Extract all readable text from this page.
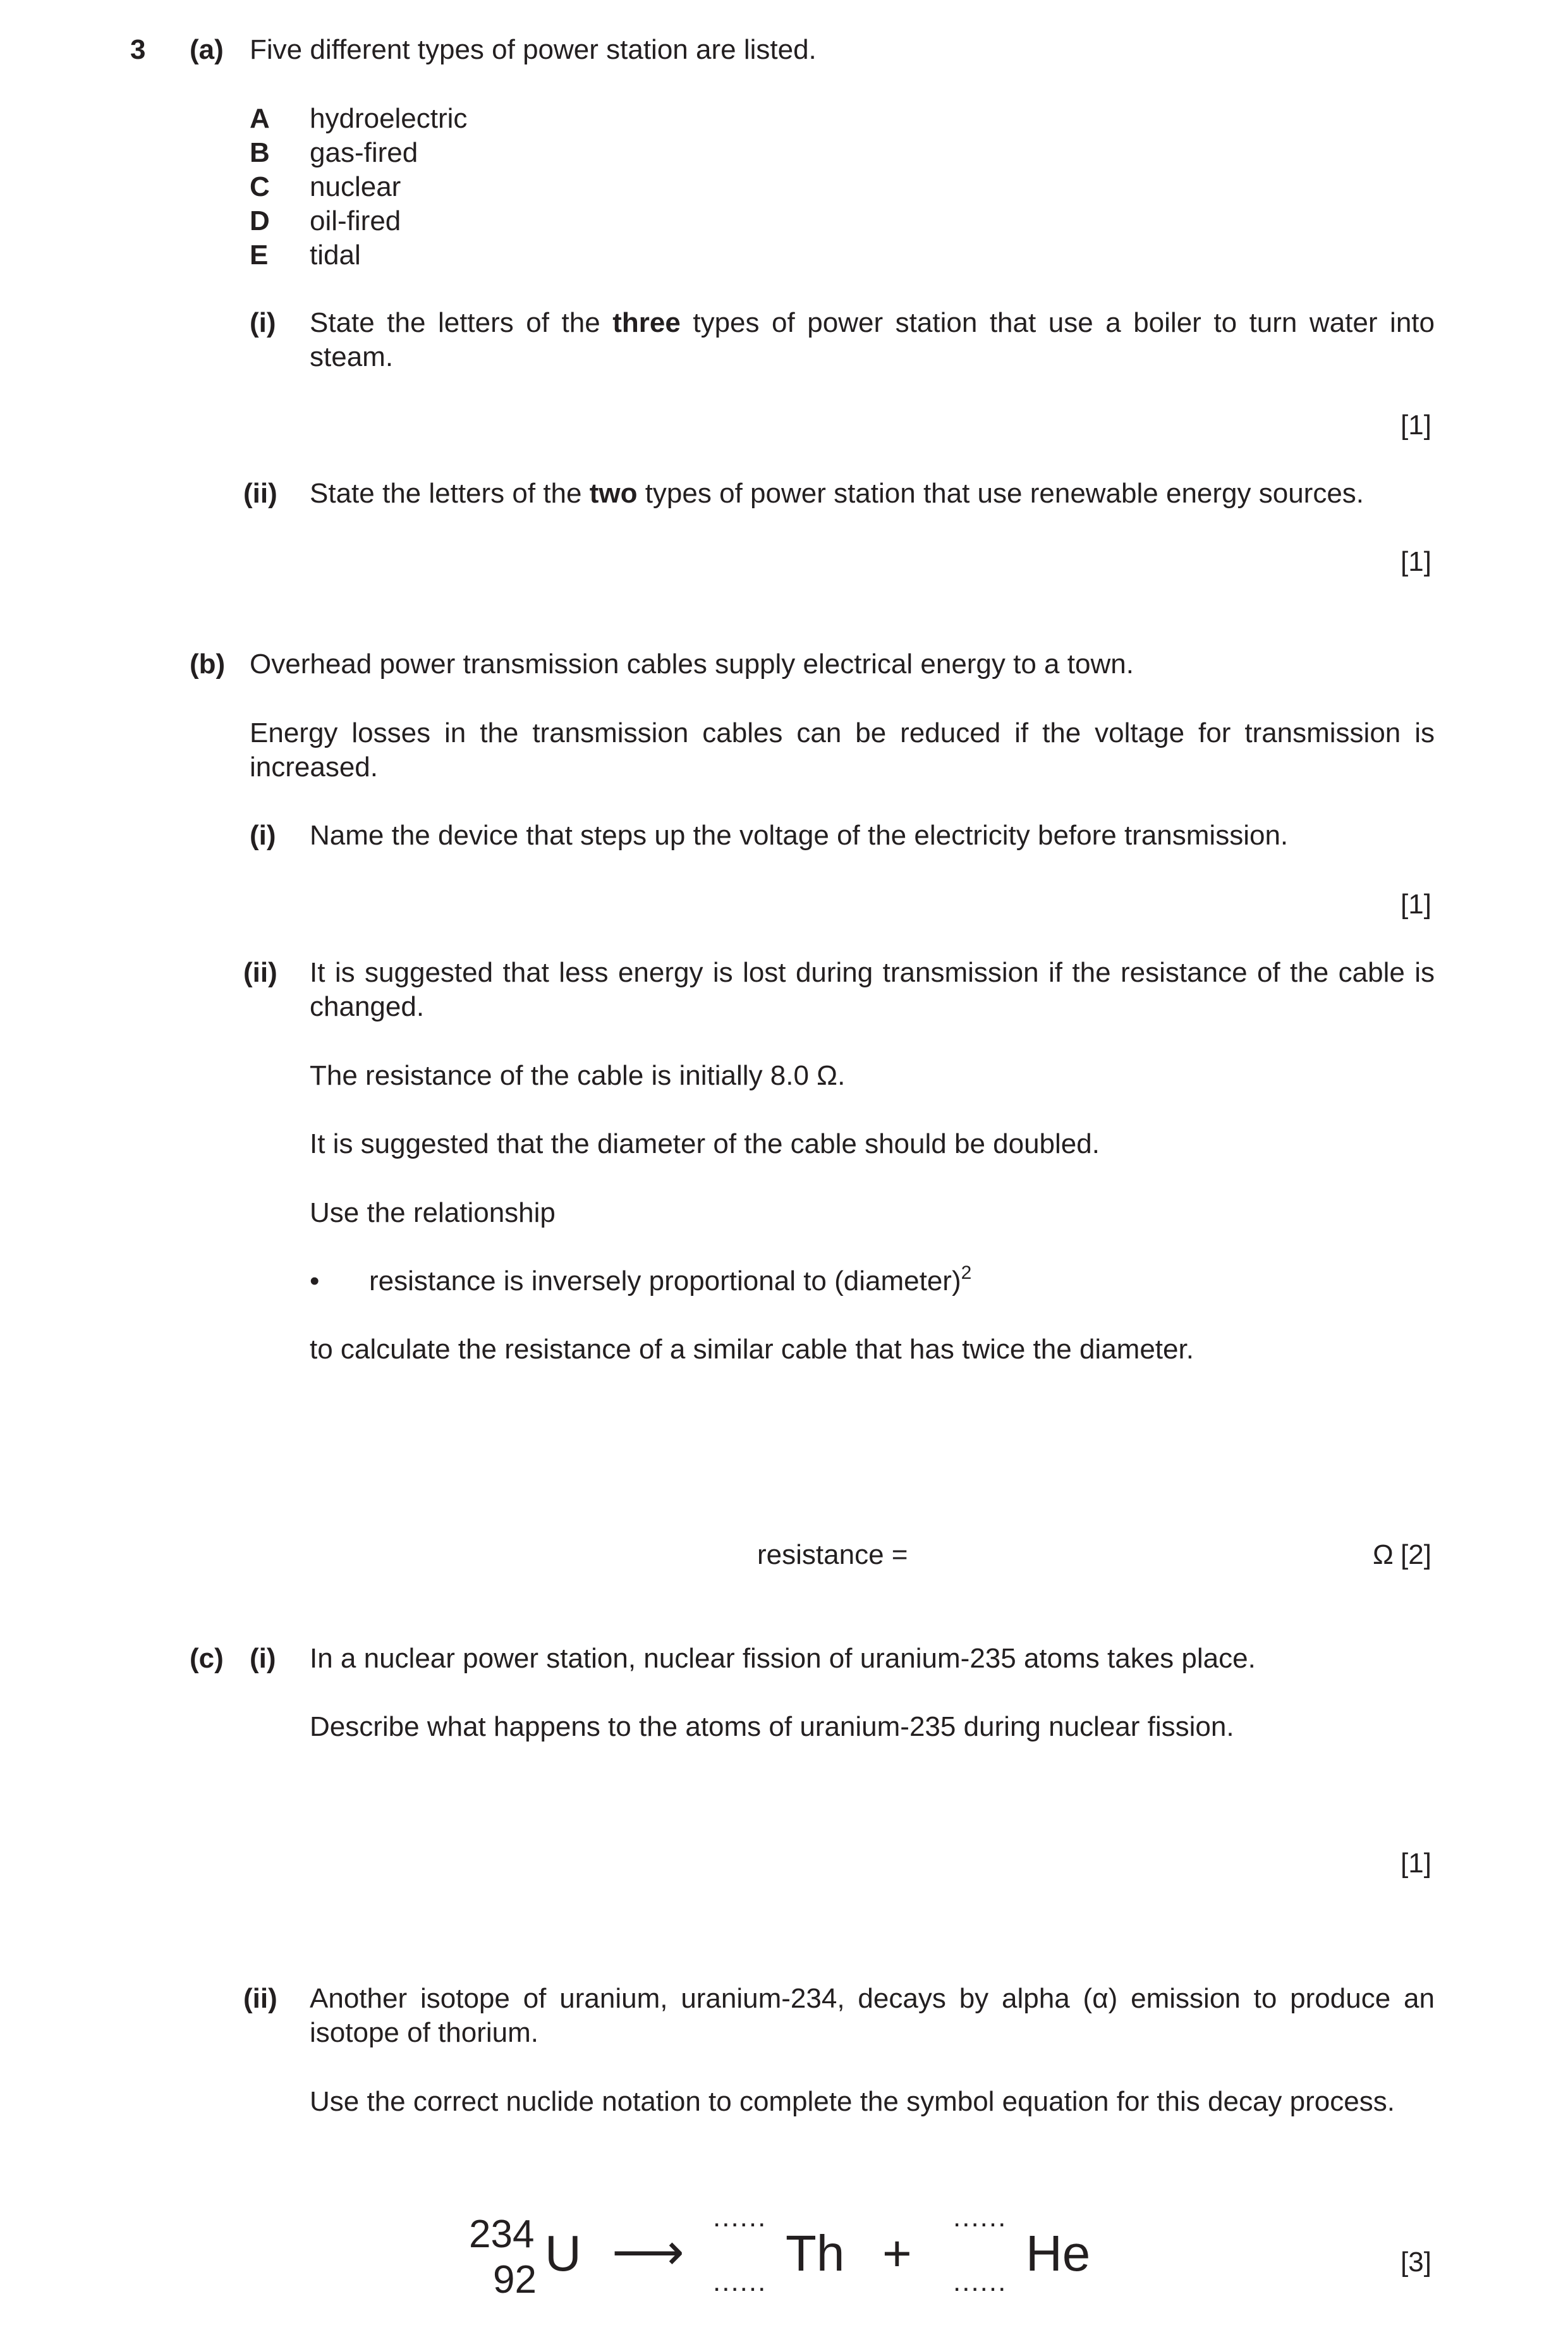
3 (a) Five different types of power station are listed.
A hydroelectric
B gas-fired
C nuclear
D oil-fired
E tidal
(i) State the letters of the three types of power station that use a boiler to turn water into steam.
[1]
(ii) State the letters of the two types of power station that use renewable energy sources.
[1]
(b) Overhead power transmission cables supply electrical energy to a town.
Energy losses in the transmission cables can be reduced if the voltage for transmission is increased.
(i) Name the device that steps up the voltage of the electricity before transmission.
[1]
(ii) It is suggested that less energy is lost during transmission if the resistance of the cable is changed.
The resistance of the cable is initially 8.0 Ω.
It is suggested that the diameter of the cable should be doubled.
Use the relationship
• resistance is inversely proportional to (diameter)$^2$
to calculate the resistance of a similar cable that has twice the diameter.
resistance =	Ω [2]
(c) (i) In a nuclear power station, nuclear fission of uranium-235 atoms takes place.
Describe what happens to the atoms of uranium-235 during nuclear fission.
[1]
(ii) Another isotope of uranium, uranium-234, decays by alpha (α) emission to produce an isotope of thorium.
Use the correct nuclide notation to complete the symbol equation for this decay process.
234
92 U ⟶
......
......
Th +
......
......
He	[3]
